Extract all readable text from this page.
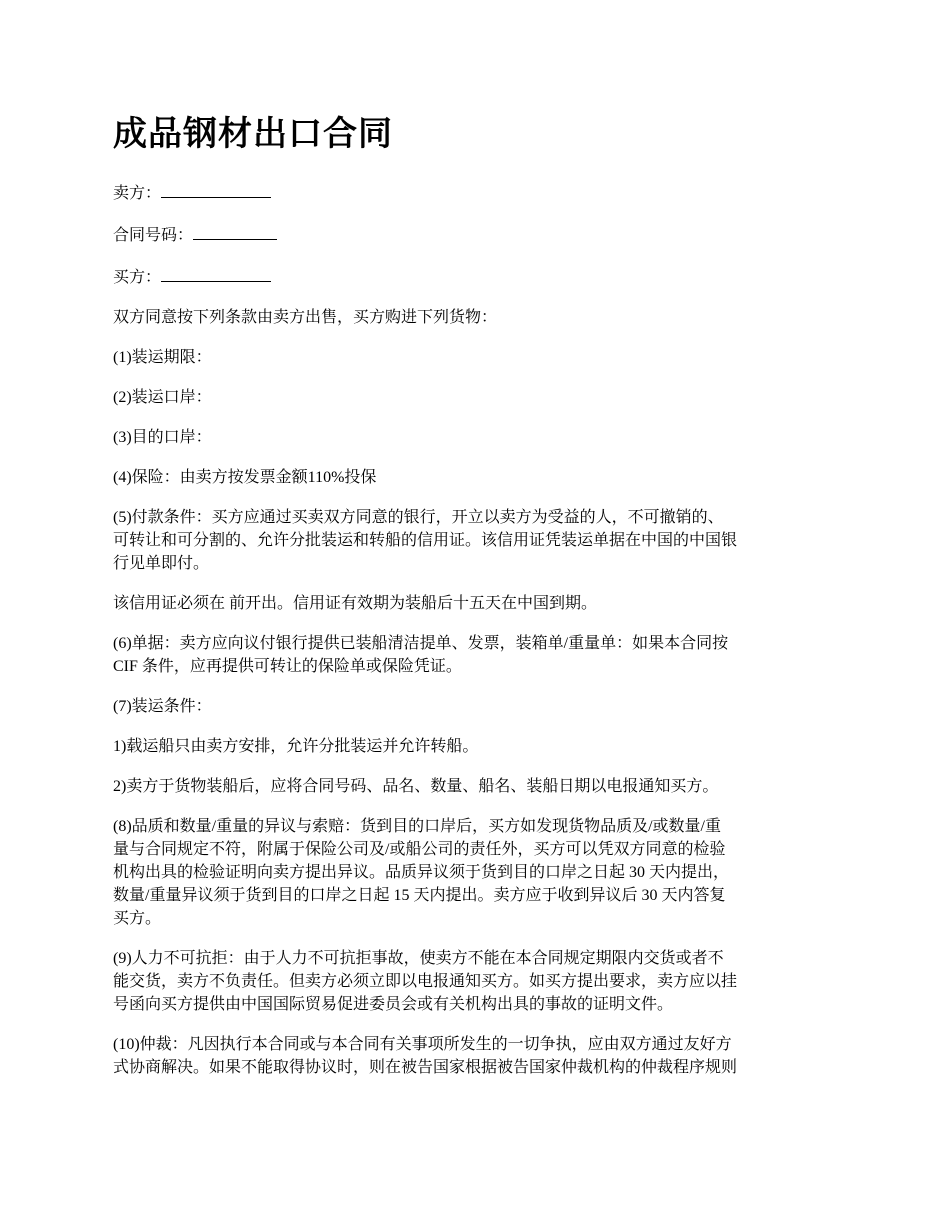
成品钢材出口合同

卖方：

合同号码：

买方：

双方同意按下列条款由卖方出售，买方购进下列货物：

(1)装运期限：

(2)装运口岸：

(3)目的口岸：

(4)保险：由卖方按发票金额110%投保

(5)付款条件：买方应通过买卖双方同意的银行，开立以卖方为受益的人，不可撤销的、
可转让和可分割的、允许分批装运和转船的信用证。该信用证凭装运单据在中国的中国银
行见单即付。

该信用证必须在 前开出。信用证有效期为装船后十五天在中国到期。

(6)单据：卖方应向议付银行提供已装船清洁提单、发票，装箱单/重量单：如果本合同按
CIF 条件，应再提供可转让的保险单或保险凭证。

(7)装运条件：

1)载运船只由卖方安排，允许分批装运并允许转船。

2)卖方于货物装船后，应将合同号码、品名、数量、船名、装船日期以电报通知买方。

(8)品质和数量/重量的异议与索赔：货到目的口岸后，买方如发现货物品质及/或数量/重
量与合同规定不符，附属于保险公司及/或船公司的责任外，买方可以凭双方同意的检验
机构出具的检验证明向卖方提出异议。品质异议须于货到目的口岸之日起 30 天内提出，
数量/重量异议须于货到目的口岸之日起 15 天内提出。卖方应于收到异议后 30 天内答复
买方。

(9)人力不可抗拒：由于人力不可抗拒事故，使卖方不能在本合同规定期限内交货或者不
能交货，卖方不负责任。但卖方必须立即以电报通知买方。如买方提出要求，卖方应以挂
号函向买方提供由中国国际贸易促进委员会或有关机构出具的事故的证明文件。

(10)仲裁：凡因执行本合同或与本合同有关事项所发生的一切争执，应由双方通过友好方
式协商解决。如果不能取得协议时，则在被告国家根据被告国家仲裁机构的仲裁程序规则
